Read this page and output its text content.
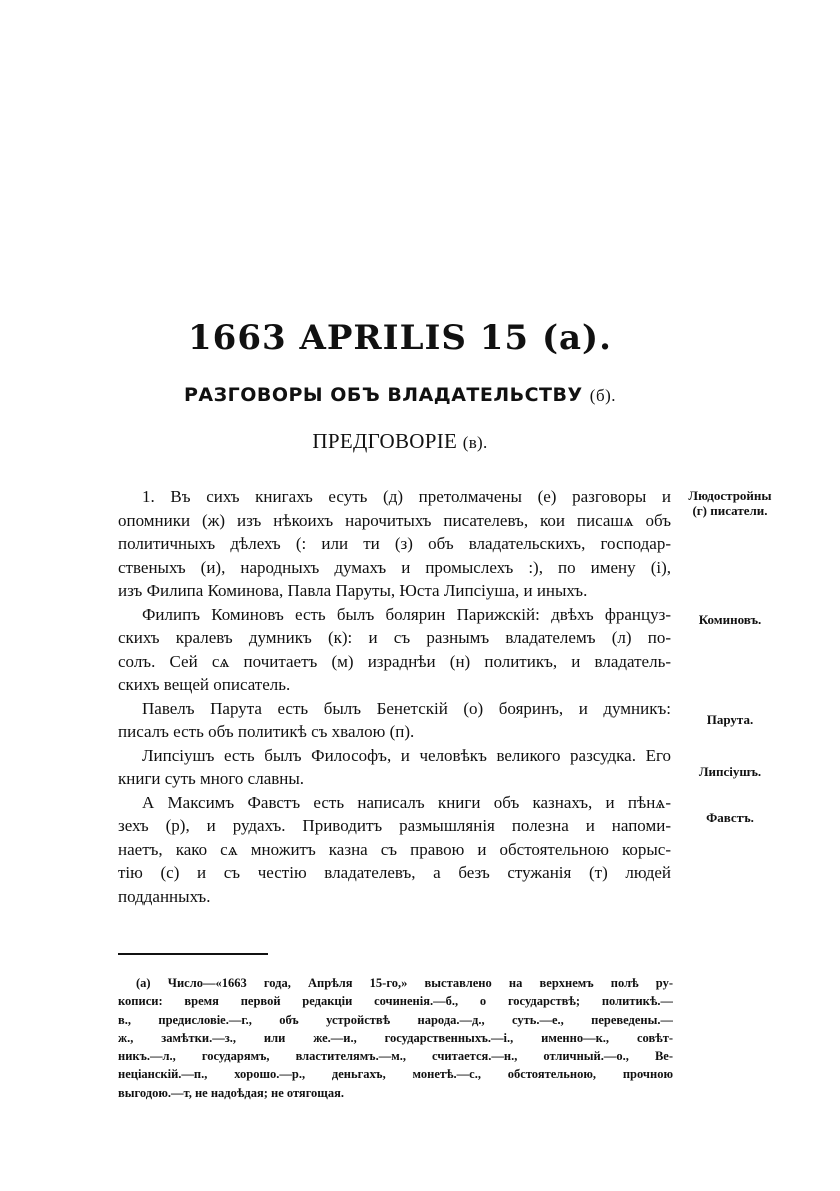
1663 APRILIS 15 (а).
РАЗГОВОРЫ ОБЪ ВЛАДАТЕЛЬСТВУ (б).
ПРЕДГОВОРІЕ (в).
1. Въ сихъ книгахъ есуть (д) претолмачены (е) разговоры и
опомники (ж) изъ нѣкоихъ нарочитыхъ писателевъ, кои писашѧ объ
политичныхъ дѣлехъ (: или ти (з) объ владательскихъ, господар-
ственыхъ (и), народныхъ думахъ и промыслехъ :), по имену (і),
изъ Филипа Коминова, Павла Паруты, Юста Липсіуша, и иныхъ.
Филипъ Коминовъ есть былъ болярин Парижскій: двѣхъ француз-
скихъ кралевъ думникъ (к): и съ разнымъ владателемъ (л) по-
солъ. Сей сѧ почитаетъ (м) израднѣи (н) политикъ, и владатель-
скихъ вещей описатель.
Павелъ Парута есть былъ Бенетскій (о) бояринъ, и думникъ:
писалъ есть объ политикѣ съ хвалою (п).
Липсіушъ есть былъ Философъ, и человѣкъ великого разсудка. Его
книги суть много славны.
А Максимъ Фавстъ есть написалъ книги объ казнахъ, и пѣнѧ-
зехъ (р), и рудахъ. Приводитъ размышлянія полезна и напоми-
наетъ, како сѧ множитъ казна съ правою и обстоятельною корыс-
тію (с) и съ честію владателевъ, а безъ стужанія (т) людей
подданныхъ.
Людостройны (г) писатели.
Коминовъ.
Парута.
Липсіушъ.
Фавстъ.
(а) Число—«1663 года, Апрѣля 15-го,» выставлено на верхнемъ полѣ ру-
кописи: время первой редакціи сочиненія.—б., о государствѣ; политикѣ.—
в., предисловіе.—г., объ устройствѣ народа.—д., суть.—е., переведены.—
ж., замѣтки.—з., или же.—и., государственныхъ.—і., именно—к., совѣт-
никъ.—л., государямъ, властителямъ.—м., считается.—н., отличный.—о., Ве-
неціанскій.—п., хорошо.—р., деньгахъ, монетѣ.—с., обстоятельною, прочною
выгодою.—т, не надоѣдая; не отягощая.
